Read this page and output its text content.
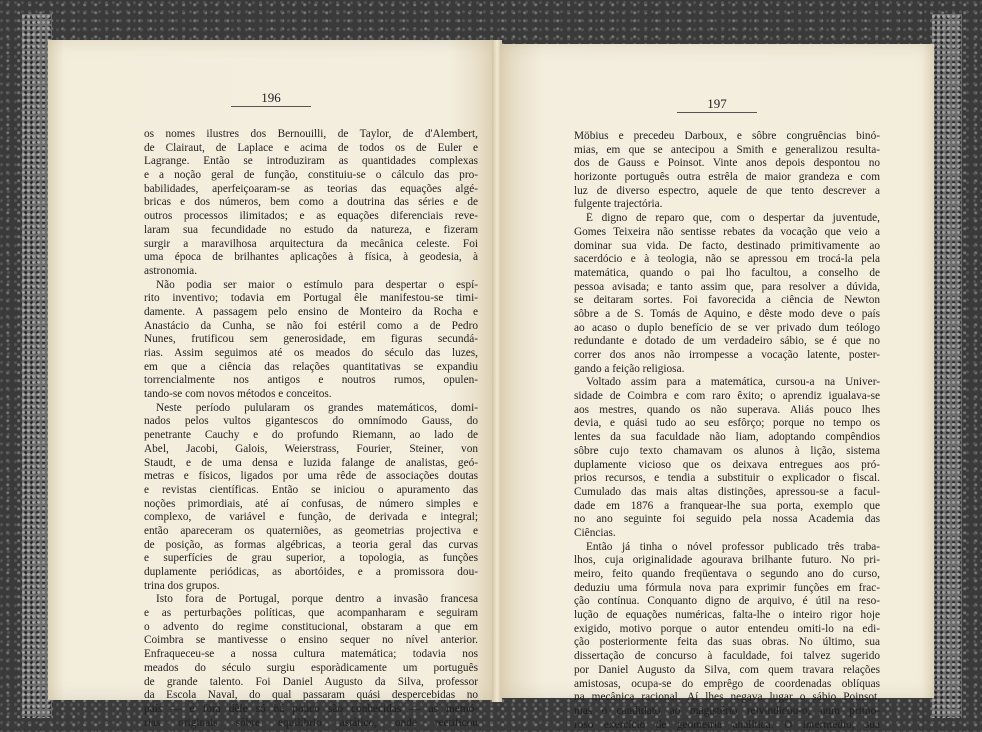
196
os nomes ilustres dos Bernouilli, de Taylor, de d'Alembert,
de Clairaut, de Laplace e acima de todos os de Euler e
Lagrange. Então se introduziram as quantidades complexas
e a noção geral de função, constituiu-se o cálculo das pro-
babilidades, aperfeiçoaram-se as teorias das equações algé-
bricas e dos números, bem como a doutrina das séries e de
outros processos ilimitados; e as equações diferenciais reve-
laram sua fecundidade no estudo da natureza, e fizeram
surgir a maravilhosa arquitectura da mecânica celeste. Foi
uma época de brilhantes aplicações à física, à geodesia, à
astronomia.
Não podia ser maior o estímulo para despertar o espí-
rito inventivo; todavia em Portugal êle manifestou-se timi-
damente. A passagem pelo ensino de Monteiro da Rocha e
Anastácio da Cunha, se não foi estéril como a de Pedro
Nunes, frutificou sem generosidade, em figuras secundá-
rias. Assim seguimos até os meados do século das luzes,
em que a ciência das relações quantitativas se expandiu
torrencialmente nos antigos e noutros rumos, opulen-
tando-se com novos métodos e conceitos.
Neste período pulularam os grandes matemáticos, domi-
nados pelos vultos gigantescos do omnímodo Gauss, do
penetrante Cauchy e do profundo Riemann, ao lado de
Abel, Jacobi, Galois, Weierstrass, Fourier, Steiner, von
Staudt, e de uma densa e luzida falange de analistas, geó-
metras e físicos, ligados por uma rêde de associações doutas
e revistas científicas. Então se iniciou o apuramento das
noções primordiais, até aí confusas, de número simples e
complexo, de variável e função, de derivada e integral;
então apareceram os quaterniões, as geometrias projectiva e
de posição, as formas algébricas, a teoria geral das curvas
e superfícies de grau superior, a topologia, as funções
duplamente periódicas, as abortóides, e a promissora dou-
trina dos grupos.
Isto fora de Portugal, porque dentro a invasão francesa
e as perturbações políticas, que acompanharam e seguiram
o advento do regime constitucional, obstaram a que em
Coimbra se mantivesse o ensino sequer no nível anterior.
Enfraqueceu-se a nossa cultura matemática; todavia nos
meados do século surgiu esporàdicamente um português
de grande talento. Foi Daniel Augusto da Silva, professor
da Escola Naval, do qual passaram quási despercebidas no
país — e fora dêle só há pouco são conhecidas — as memó-
rias originais sôbre equilíbrio astático, onde rectificou
197
Möbius e precedeu Darboux, e sôbre congruências binó-
mias, em que se antecipou a Smith e generalizou resulta-
dos de Gauss e Poinsot. Vinte anos depois despontou no
horizonte português outra estrêla de maior grandeza e com
luz de diverso espectro, aquele de que tento descrever a
fulgente trajectória.
É digno de reparo que, com o despertar da juventude,
Gomes Teixeira não sentisse rebates da vocação que veio a
dominar sua vida. De facto, destinado primitivamente ao
sacerdócio e à teologia, não se apressou em trocá-la pela
matemática, quando o pai lho facultou, a conselho de
pessoa avisada; e tanto assim que, para resolver a dúvida,
se deitaram sortes. Foi favorecida a ciência de Newton
sôbre a de S. Tomás de Aquino, e dêste modo deve o país
ao acaso o duplo benefício de se ver privado dum teólogo
redundante e dotado de um verdadeiro sábio, se é que no
correr dos anos não irrompesse a vocação latente, poster-
gando a feição religiosa.
Voltado assim para a matemática, cursou-a na Univer-
sidade de Coimbra e com raro êxito; o aprendiz igualava-se
aos mestres, quando os não superava. Aliás pouco lhes
devia, e quási tudo ao seu esfôrço; porque no tempo os
lentes da sua faculdade não liam, adoptando compêndios
sôbre cujo texto chamavam os alunos à lição, sistema
duplamente vicioso que os deixava entregues aos pró-
prios recursos, e tendia a substituir o explicador o fiscal.
Cumulado das mais altas distinções, apressou-se a facul-
dade em 1876 a franquear-lhe sua porta, exemplo que
no ano seguinte foi seguido pela nossa Academia das
Ciências.
Então já tinha o nóvel professor publicado três traba-
lhos, cuja originalidade agourava brilhante futuro. No pri-
meiro, feito quando freqüentava o segundo ano do curso,
deduziu uma fórmula nova para exprimir funções em frac-
ção contínua. Conquanto digno de arquivo, é útil na reso-
lução de equações numéricas, falta-lhe o inteiro rigor hoje
exigido, motivo porque o autor entendeu omiti-lo na edi-
ção posteriormente feita das suas obras. No último, sua
dissertação de concurso à faculdade, foi talvez sugerido
por Daniel Augusto da Silva, com quem travara relações
amistosas, ocupa-se do emprêgo de coordenadas oblíquas
na mecânica racional. Aí lhes negava lugar o sábio Poinsot,
mas o candidato ao magistério reivindicou-o, num primo-
roso exercício de geometria analítica. O intermédio, sua
